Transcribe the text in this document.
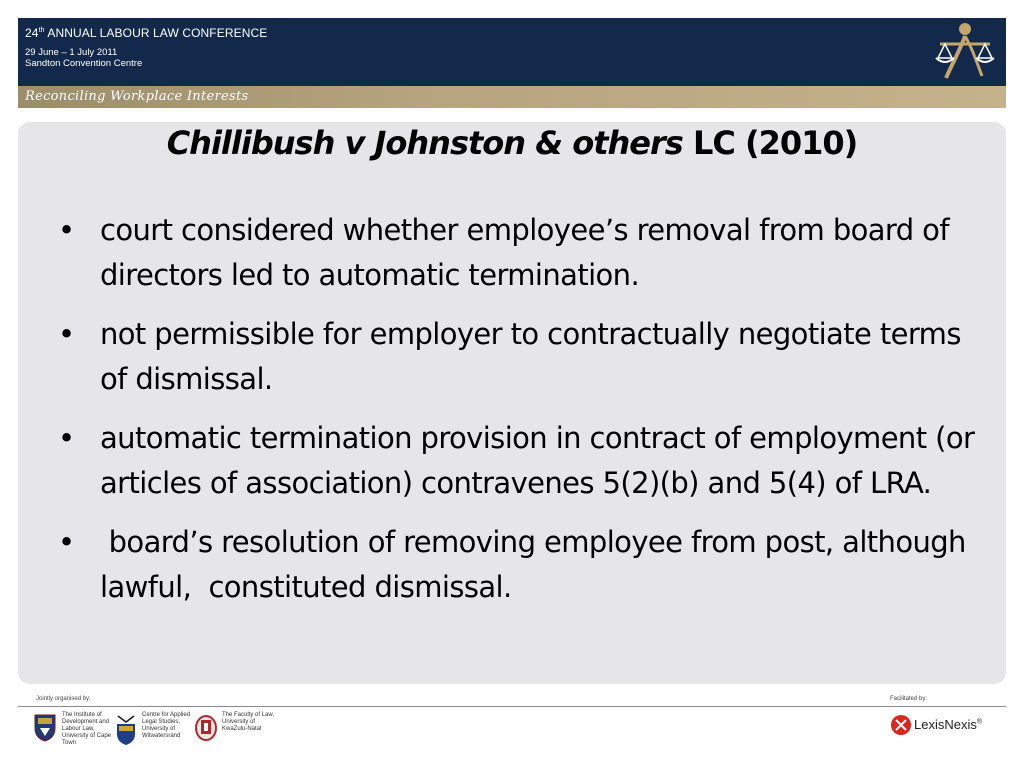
24th ANNUAL LABOUR LAW CONFERENCE
29 June – 1 July 2011
Sandton Convention Centre
Reconciling Workplace Interests
Chillibush v Johnston & others LC (2010)
• court considered whether employee’s removal from board of directors led to automatic termination.
• not permissible for employer to contractually negotiate terms of dismissal.
• automatic termination provision in contract of employment (or articles of association) contravenes 5(2)(b) and 5(4) of LRA.
• board’s resolution of removing employee from post, although lawful,  constituted dismissal.
Jointly organised by:	Facilitated by:
The Institute of Development and Labour Law, University of Cape Town
Centre for Applied Legal Studies, University of Witwatersrand
The Faculty of Law, University of KwaZulu-Natal	LexisNexis®
